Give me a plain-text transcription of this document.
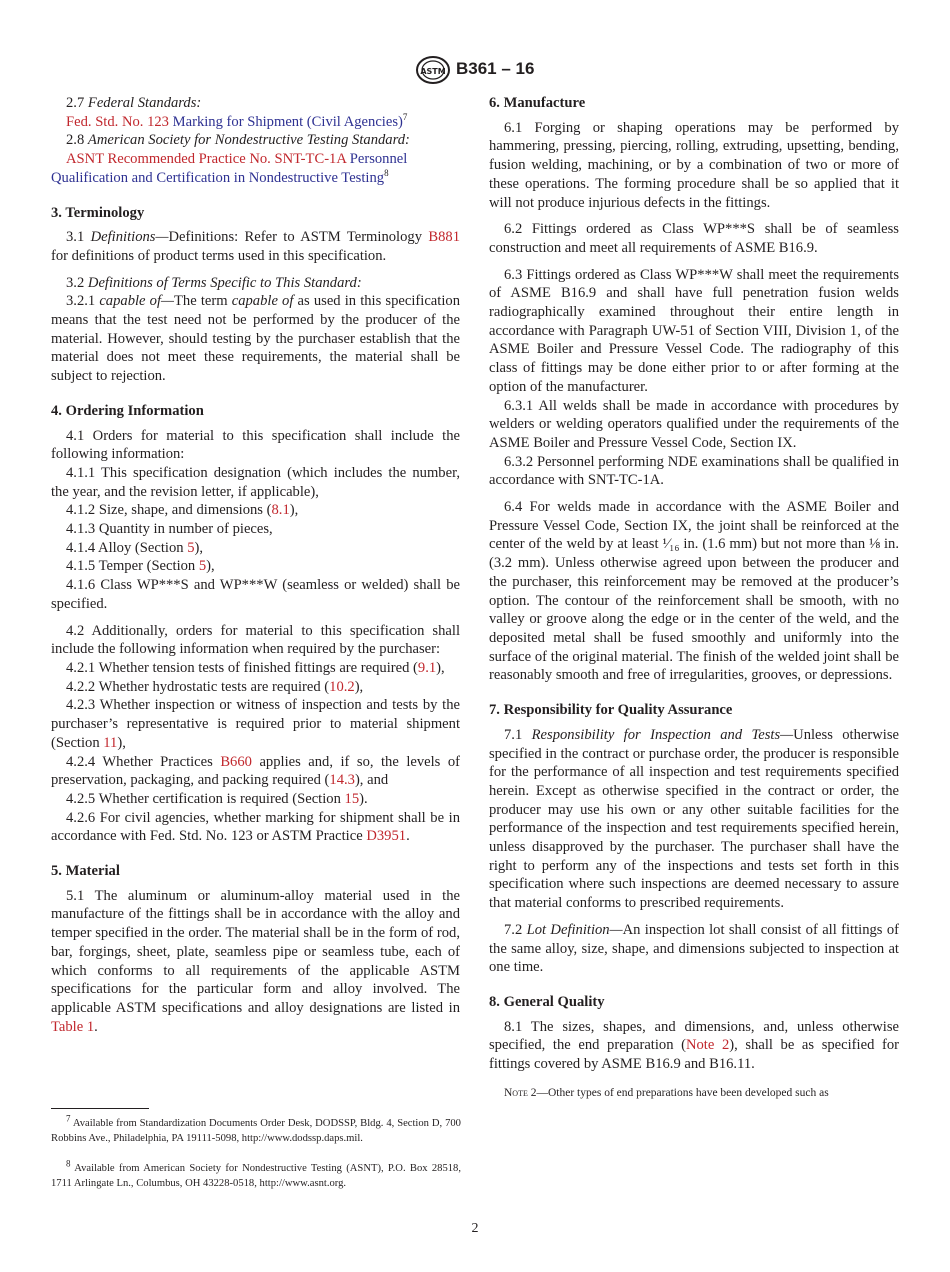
ASTM B361 – 16

2.7 Federal Standards:

Fed. Std. No. 123 Marking for Shipment (Civil Agencies)$^7$

2.8 American Society for Nondestructive Testing Standard:

ASNT Recommended Practice No. SNT-TC-1A Personnel Qualification and Certification in Nondestructive Testing$^8$

3. Terminology

3.1 Definitions—Definitions: Refer to ASTM Terminology B881 for definitions of product terms used in this specification.

3.2 Definitions of Terms Specific to This Standard:

3.2.1 capable of—The term capable of as used in this specification means that the test need not be performed by the producer of the material. However, should testing by the purchaser establish that the material does not meet these requirements, the material shall be subject to rejection.

4. Ordering Information

4.1 Orders for material to this specification shall include the following information:

4.1.1 This specification designation (which includes the number, the year, and the revision letter, if applicable),

4.1.2 Size, shape, and dimensions (8.1),

4.1.3 Quantity in number of pieces,

4.1.4 Alloy (Section 5),

4.1.5 Temper (Section 5),

4.1.6 Class WP***S and WP***W (seamless or welded) shall be specified.

4.2 Additionally, orders for material to this specification shall include the following information when required by the purchaser:

4.2.1 Whether tension tests of finished fittings are required (9.1),

4.2.2 Whether hydrostatic tests are required (10.2),

4.2.3 Whether inspection or witness of inspection and tests by the purchaser’s representative is required prior to material shipment (Section 11),

4.2.4 Whether Practices B660 applies and, if so, the levels of preservation, packaging, and packing required (14.3), and

4.2.5 Whether certification is required (Section 15).

4.2.6 For civil agencies, whether marking for shipment shall be in accordance with Fed. Std. No. 123 or ASTM Practice D3951.

5. Material

5.1 The aluminum or aluminum-alloy material used in the manufacture of the fittings shall be in accordance with the alloy and temper specified in the order. The material shall be in the form of rod, bar, forgings, sheet, plate, seamless pipe or seamless tube, each of which conforms to all requirements of the applicable ASTM specifications for the particular form and alloy involved. The applicable ASTM specifications and alloy designations are listed in Table 1.

$^7$ Available from Standardization Documents Order Desk, DODSSP, Bldg. 4, Section D, 700 Robbins Ave., Philadelphia, PA 19111-5098, http://www.dodssp.daps.mil.

$^8$ Available from American Society for Nondestructive Testing (ASNT), P.O. Box 28518, 1711 Arlingate Ln., Columbus, OH 43228-0518, http://www.asnt.org.

6. Manufacture

6.1 Forging or shaping operations may be performed by hammering, pressing, piercing, rolling, extruding, upsetting, bending, fusion welding, machining, or by a combination of two or more of these operations. The forming procedure shall be so applied that it will not produce injurious defects in the fittings.

6.2 Fittings ordered as Class WP***S shall be of seamless construction and meet all requirements of ASME B16.9.

6.3 Fittings ordered as Class WP***W shall meet the requirements of ASME B16.9 and shall have full penetration fusion welds radiographically examined throughout their entire length in accordance with Paragraph UW-51 of Section VIII, Division 1, of the ASME Boiler and Pressure Vessel Code. The radiography of this class of fittings may be done either prior to or after forming at the option of the manufacturer.

6.3.1 All welds shall be made in accordance with procedures by welders or welding operators qualified under the requirements of the ASME Boiler and Pressure Vessel Code, Section IX.

6.3.2 Personnel performing NDE examinations shall be qualified in accordance with SNT-TC-1A.

6.4 For welds made in accordance with the ASME Boiler and Pressure Vessel Code, Section IX, the joint shall be reinforced at the center of the weld by at least ¹⁄₁₆ in. (1.6 mm) but not more than ⅛ in. (3.2 mm). Unless otherwise agreed upon between the producer and the purchaser, this reinforcement may be removed at the producer’s option. The contour of the reinforcement shall be smooth, with no valley or groove along the edge or in the center of the weld, and the deposited metal shall be fused smoothly and uniformly into the surface of the original material. The finish of the welded joint shall be reasonably smooth and free of irregularities, grooves, or depressions.

7. Responsibility for Quality Assurance

7.1 Responsibility for Inspection and Tests—Unless otherwise specified in the contract or purchase order, the producer is responsible for the performance of all inspection and test requirements specified herein. Except as otherwise specified in the contract or order, the producer may use his own or any other suitable facilities for the performance of the inspection and test requirements specified herein, unless disapproved by the purchaser. The purchaser shall have the right to perform any of the inspections and tests set forth in this specification where such inspections are deemed necessary to assure that material conforms to prescribed requirements.

7.2 Lot Definition—An inspection lot shall consist of all fittings of the same alloy, size, shape, and dimensions subjected to inspection at one time.

8. General Quality

8.1 The sizes, shapes, and dimensions, and, unless otherwise specified, the end preparation (Note 2), shall be as specified for fittings covered by ASME B16.9 and B16.11.

Note 2—Other types of end preparations have been developed such as

2
